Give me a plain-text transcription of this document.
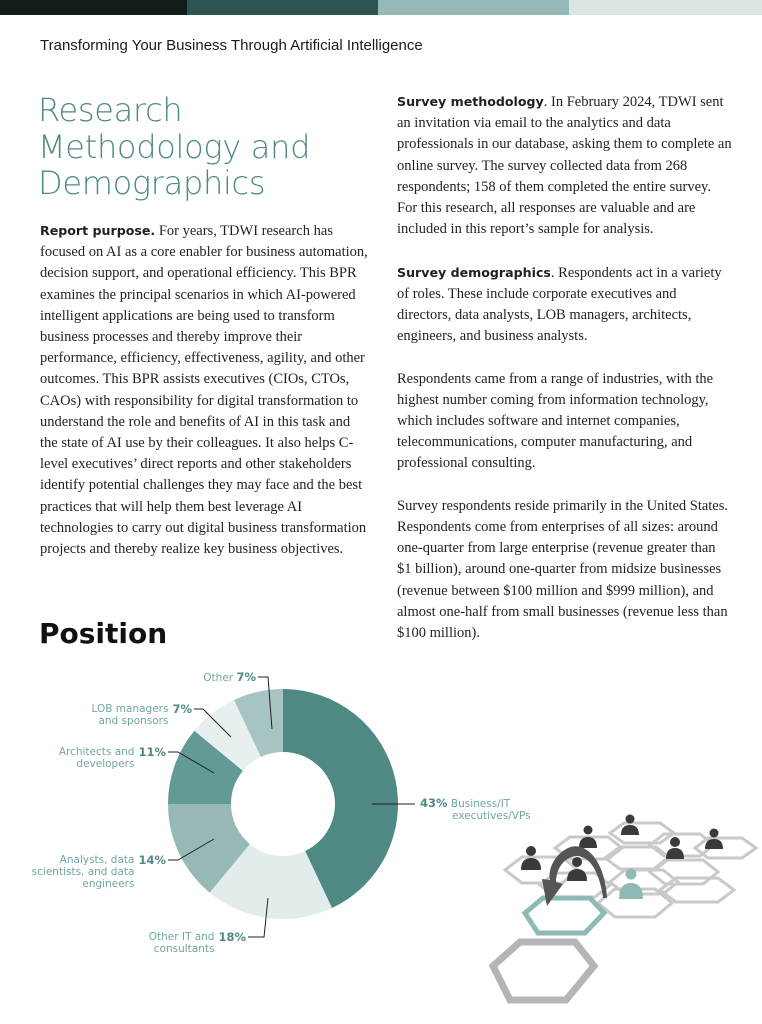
Transforming Your Business Through Artificial Intelligence
Research Methodology and Demographics

Report purpose. For years, TDWI research has focused on AI as a core enabler for business automation, decision support, and operational efficiency. This BPR examines the principal scenarios in which AI-powered intelligent applications are being used to transform business processes and thereby improve their performance, efficiency, effectiveness, agility, and other outcomes. This BPR assists executives (CIOs, CTOs, CAOs) with responsibility for digital transformation to understand the role and benefits of AI in this task and the state of AI use by their colleagues. It also helps C-level executives’ direct reports and other stakeholders identify potential challenges they may face and the best practices that will help them best leverage AI technologies to carry out digital business transformation projects and thereby realize key business objectives.

Survey methodology. In February 2024, TDWI sent an invitation via email to the analytics and data professionals in our database, asking them to complete an online survey. The survey collected data from 268 respondents; 158 of them completed the entire survey. For this research, all responses are valuable and are included in this report’s sample for analysis.

Survey demographics. Respondents act in a variety of roles. These include corporate executives and directors, data analysts, LOB managers, architects, engineers, and business analysts.

Respondents came from a range of industries, with the highest number coming from information technology, which includes software and internet companies, telecommunications, computer manufacturing, and professional consulting.

Survey respondents reside primarily in the United States. Respondents come from enterprises of all sizes: around one-quarter from large enterprise (revenue greater than $1 billion), around one-quarter from midsize businesses (revenue between $100 million and $999 million), and almost one-half from small businesses (revenue less than $100 million).

Position
43% Business/IT
executives/VPs
Other IT and consultants
18%
Analysts, data scientists, and data engineers
14%
Architects and developers
11%
LOB managers and sponsors
7%
Other 7%
